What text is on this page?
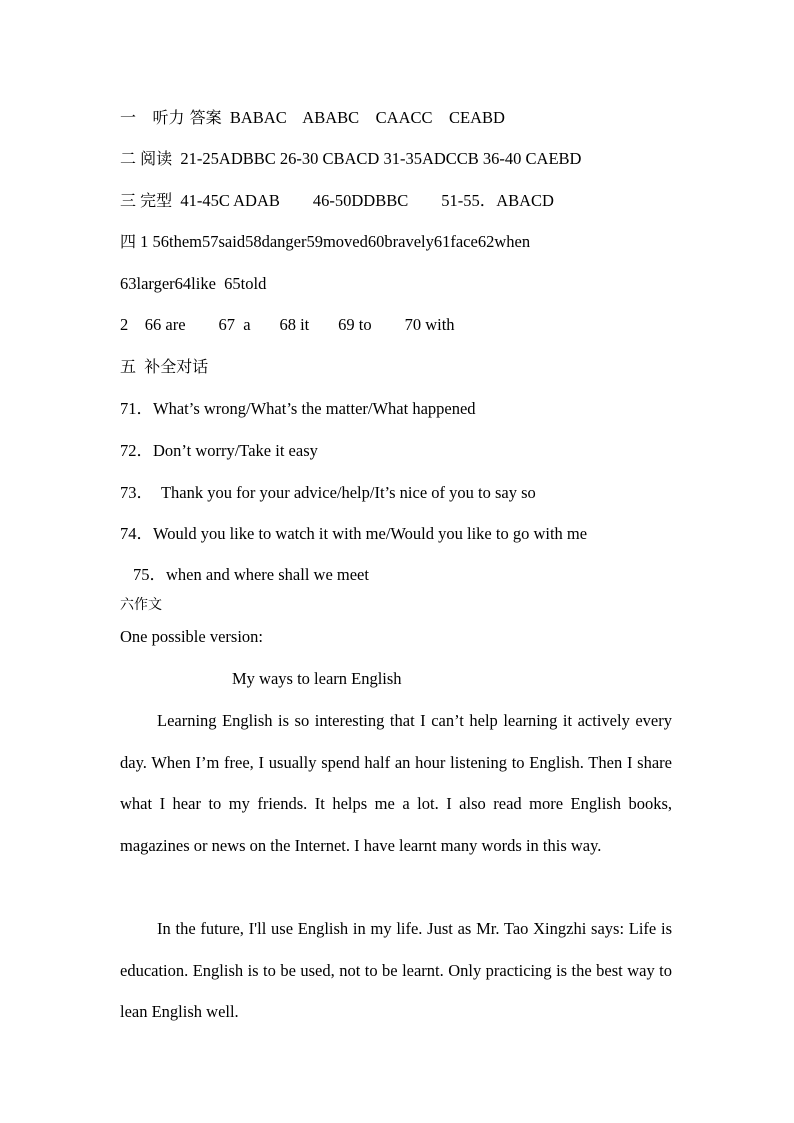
一 听力 答案 BABAC    ABABC    CAACC    CEABD
二 阅读 21-25ADBBC 26-30 CBACD 31-35ADCCB 36-40 CAEBD
三 完型 41-45C ADAB        46-50DDBBC        51-55．ABACD
四 1 56them57said58danger59moved60bravely61face62when
63larger64like  65told
2    66 are        67  a       68 it       69 to        70 with
五 补全对话
71．What’s wrong/What’s the matter/What happened
72．Don’t worry/Take it easy
73．  Thank you for your advice/help/It’s nice of you to say so
74．Would you like to watch it with me/Would you like to go with me
75．when and where shall we meet
六作文
One possible version:
My ways to learn English
Learning English is so interesting that I can’t help learning it actively every day. When I’m free, I usually spend half an hour listening to English. Then I share what I hear to my friends. It helps me a lot. I also read more English books, magazines or news on the Internet. I have learnt many words in this way.
In the future, I'll use English in my life. Just as Mr. Tao Xingzhi says: Life is education. English is to be used, not to be learnt. Only practicing is the best way to lean English well.
